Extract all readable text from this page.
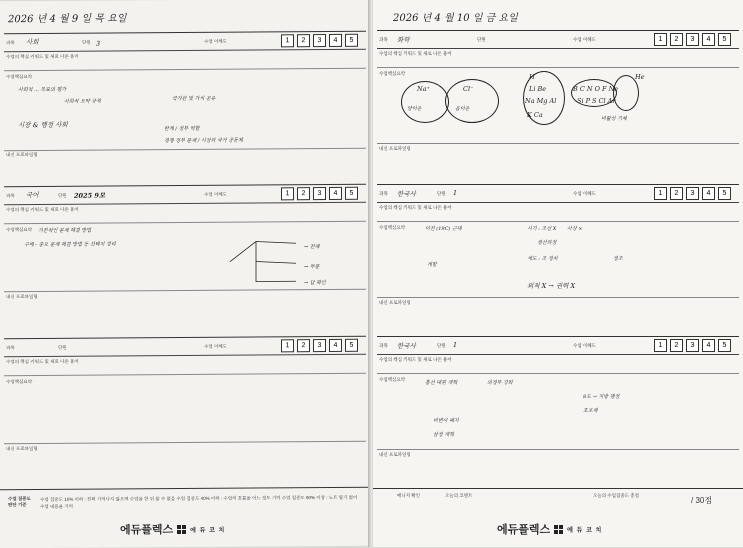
2026 년 4 월 9 일 목 요일
과목 사회	단원 3	수업 이해도	1	2	3	4	5
수업의 핵심 키워드 및 새로 나온 용어
수업핵심요약
사회적 ... 목표의 평가
사회적 요약 규칙	국가관 및 가치 공유
시장 & 행정 사회	한계 / 정부 역할
경쟁 정부 문제 / 시장과 국가 공동체
내신 프로파일링
과목 국어	단원 2025 9모	수업 이해도	1	2	3	4	5
수업의 핵심 키워드 및 새로 나온 용어
수업핵심요약 기본적인 문제 해결 방법
구매 - 중요 문제 해결 방법 등 선택지 정리	→ 전체
→ 부분
→ 답 확인
내신 프로파일링
과목	단원	수업 이해도	1	2	3	4	5
수업의 핵심 키워드 및 새로 나온 용어
수업핵심요약
내신 프로파일링
수업 집중도 판단 기준
수업 집중도 10% 이하 : 전혀 기억나지 않으며 수업을 한 뒤 쓸 수 없음 수업 집중도 40% 이하 : 수업의 흐름을 어느 정도 기억 수업 집중도 90% 이상 : 노트 필기 없이 수업 내용을 기억
에듀플렉스	에 듀 코 치
2026 년 4 월 10 일 금 요일
과목 화학	단원	수업 이해도	1	2	3	4	5
수업의 핵심 키워드 및 새로 나온 용어
수업핵심요약
Na⁺	Cl⁻
양이온	음이온
H	He
Li Be	B C N O F Ne
Na Mg Al	Si P S Cl Ar
K Ca	비활성 기체
내신 프로파일링
과목 한국사	단원 1	수업 이해도	1	2	3	4	5
수업의 핵심 키워드 및 새로 나온 용어
수업핵심요약	이전 (19C) 근대	시기 : 조선 X 사상 ×
생산과정
개항
세도 : 조 정치	정조
외척 X → 권력 X
내신 프로파일링
과목 한국사	단원 1	수업 이해도	1	2	3	4	5
수업의 핵심 키워드 및 새로 나온 용어
수업핵심요약
흥선 대원 개혁	의정부 강화
비변사 폐지
삼정 개혁
8도 → 지방 행정
호포제
내신 프로파일링
매니저 확인	오늘의 코멘트	오늘의 수업집중도 총점
/ 30점
에듀플렉스	에 듀 코 치
